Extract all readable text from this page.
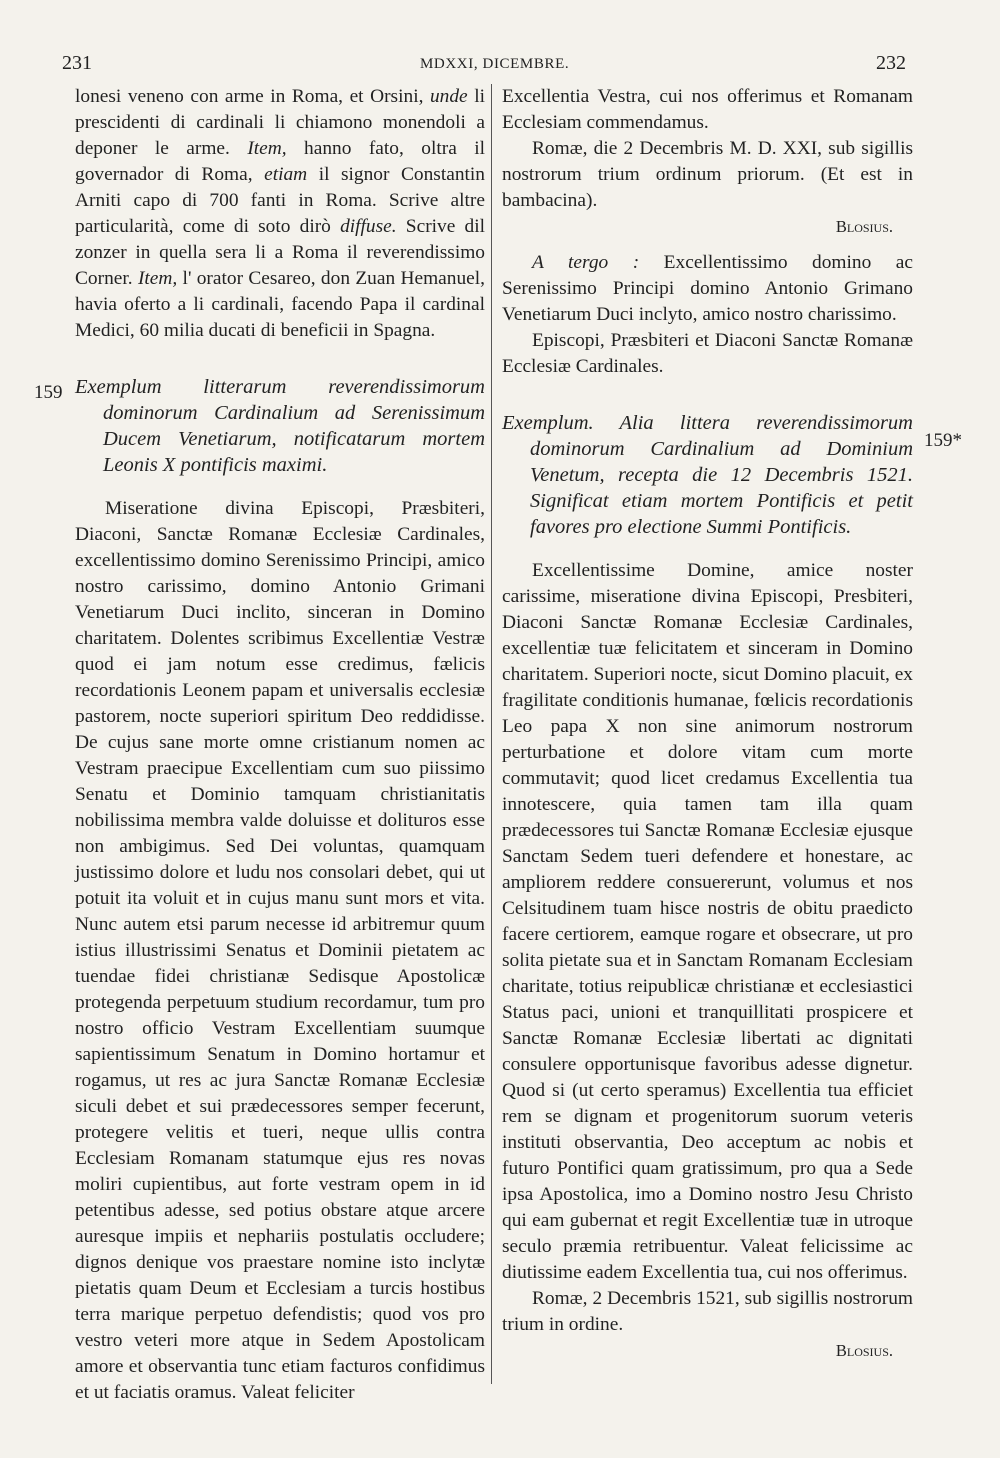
231	MDXXI, DICEMBRE.	232
159
159*

lonesi veneno con arme in Roma, et Orsini, unde li prescidenti di cardinali li chiamono monendoli a deponer le arme. Item, hanno fato, oltra il governador di Roma, etiam il signor Constantin Arniti capo di 700 fanti in Roma. Scrive altre particularità, come di soto dirò diffuse. Scrive dil zonzer in quella sera li a Roma il reverendissimo Corner. Item, l' orator Cesareo, don Zuan Hemanuel, havia oferto a li cardinali, facendo Papa il cardinal Medici, 60 milia ducati di beneficii in Spagna.

Exemplum litterarum reverendissimorum dominorum Cardinalium ad Serenissimum Ducem Venetiarum, notificatarum mortem Leonis X pontificis maximi.

Miseratione divina Episcopi, Præsbiteri, Diaconi, Sanctæ Romanæ Ecclesiæ Cardinales, excellentissimo domino Serenissimo Principi, amico nostro carissimo, domino Antonio Grimani Venetiarum Duci inclito, sinceran in Domino charitatem. Dolentes scribimus Excellentiæ Vestræ quod ei jam notum esse credimus, fælicis recordationis Leonem papam et universalis ecclesiæ pastorem, nocte superiori spiritum Deo reddidisse. De cujus sane morte omne cristianum nomen ac Vestram praecipue Excellentiam cum suo piissimo Senatu et Dominio tamquam christianitatis nobilissima membra valde doluisse et dolituros esse non ambigimus. Sed Dei voluntas, quamquam justissimo dolore et ludu nos consolari debet, qui ut potuit ita voluit et in cujus manu sunt mors et vita. Nunc autem etsi parum necesse id arbitremur quum istius illustrissimi Senatus et Dominii pietatem ac tuendae fidei christianæ Sedisque Apostolicæ protegenda perpetuum studium recordamur, tum pro nostro officio Vestram Excellentiam suumque sapientissimum Senatum in Domino hortamur et rogamus, ut res ac jura Sanctæ Romanæ Ecclesiæ siculi debet et sui prædecessores semper fecerunt, protegere velitis et tueri, neque ullis contra Ecclesiam Romanam statumque ejus res novas moliri cupientibus, aut forte vestram opem in id petentibus adesse, sed potius obstare atque arcere auresque impiis et nephariis postulatis occludere; dignos denique vos praestare nomine isto inclytæ pietatis quam Deum et Ecclesiam a turcis hostibus terra marique perpetuo defendistis; quod vos pro vestro veteri more atque in Sedem Apostolicam amore et observantia tunc etiam facturos confidimus et ut faciatis oramus. Valeat feliciter

Excellentia Vestra, cui nos offerimus et Romanam Ecclesiam commendamus.

Romæ, die 2 Decembris M. D. XXI, sub sigillis nostrorum trium ordinum priorum. (Et est in bambacina).

Blosius.

A tergo : Excellentissimo domino ac Serenissimo Principi domino Antonio Grimano Venetiarum Duci inclyto, amico nostro charissimo.

Episcopi, Præsbiteri et Diaconi Sanctæ Romanæ Ecclesiæ Cardinales.

Exemplum. Alia littera reverendissimorum dominorum Cardinalium ad Dominium Venetum, recepta die 12 Decembris 1521. Significat etiam mortem Pontificis et petit favores pro electione Summi Pontificis.

Excellentissime Domine, amice noster carissime, miseratione divina Episcopi, Presbiteri, Diaconi Sanctæ Romanæ Ecclesiæ Cardinales, excellentiæ tuæ felicitatem et sinceram in Domino charitatem. Superiori nocte, sicut Domino placuit, ex fragilitate conditionis humanae, fœlicis recordationis Leo papa X non sine animorum nostrorum perturbatione et dolore vitam cum morte commutavit; quod licet credamus Excellentia tua innotescere, quia tamen tam illa quam prædecessores tui Sanctæ Romanæ Ecclesiæ ejusque Sanctam Sedem tueri defendere et honestare, ac ampliorem reddere consuererunt, volumus et nos Celsitudinem tuam hisce nostris de obitu praedicto facere certiorem, eamque rogare et obsecrare, ut pro solita pietate sua et in Sanctam Romanam Ecclesiam charitate, totius reipublicæ christianæ et ecclesiastici Status paci, unioni et tranquillitati prospicere et Sanctæ Romanæ Ecclesiæ libertati ac dignitati consulere opportunisque favoribus adesse dignetur. Quod si (ut certo speramus) Excellentia tua efficiet rem se dignam et progenitorum suorum veteris instituti observantia, Deo acceptum ac nobis et futuro Pontifici quam gratissimum, pro qua a Sede ipsa Apostolica, imo a Domino nostro Jesu Christo qui eam gubernat et regit Excellentiæ tuæ in utroque seculo præmia retribuentur. Valeat felicissime ac diutissime eadem Excellentia tua, cui nos offerimus.

Romæ, 2 Decembris 1521, sub sigillis nostrorum trium in ordine.

Blosius.
